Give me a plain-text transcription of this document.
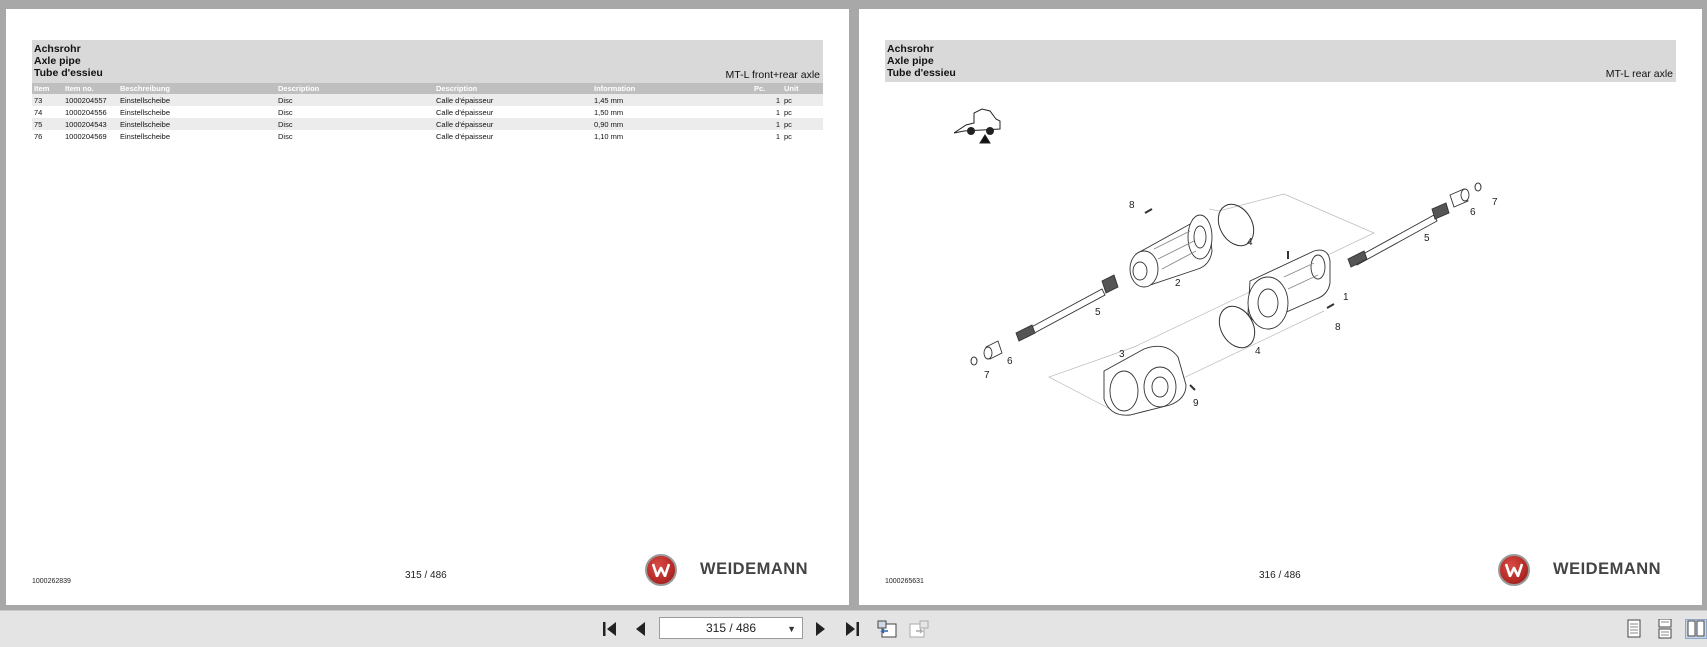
Achsrohr
Axle pipe
Tube d'essieu	MT-L front+rear axle
Item	Item no.	Beschreibung	Description	Description	Information	Pc.	Unit
73	1000204557	Einstellscheibe	Disc	Calle d'épaisseur	1,45 mm	1	pc
74	1000204556	Einstellscheibe	Disc	Calle d'épaisseur	1,50 mm	1	pc
75	1000204543	Einstellscheibe	Disc	Calle d'épaisseur	0,90 mm	1	pc
76	1000204569	Einstellscheibe	Disc	Calle d'épaisseur	1,10 mm	1	pc
1000262839
315 / 486	WEIDEMANN
Achsrohr
Axle pipe
Tube d'essieu	MT-L rear axle
8
4
2
5
6
7
5
1
8
4
3
9
6
7
1000265631
316 / 486	WEIDEMANN
315 / 486	▼
